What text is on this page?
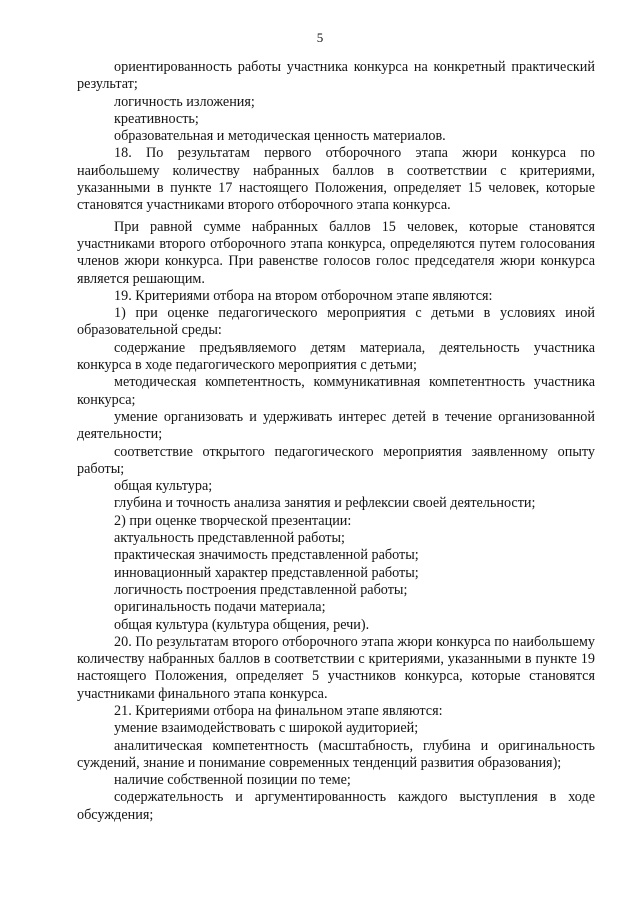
5

ориентированность работы участника конкурса на конкретный практический результат;

логичность изложения;

креативность;

образовательная и методическая ценность материалов.

18. По результатам первого отборочного этапа жюри конкурса по наибольшему количеству набранных баллов в соответствии с критериями, указанными в пункте 17 настоящего Положения, определяет 15 человек, которые становятся участниками второго отборочного этапа конкурса.

При равной сумме набранных баллов 15 человек, которые становятся участниками второго отборочного этапа конкурса, определяются путем голосования членов жюри конкурса. При равенстве голосов голос председателя жюри конкурса является решающим.

19. Критериями отбора на втором отборочном этапе являются:

1) при оценке педагогического мероприятия с детьми в условиях иной образовательной среды:

содержание предъявляемого детям материала, деятельность участника конкурса в ходе педагогического мероприятия с детьми;

методическая компетентность, коммуникативная компетентность участника конкурса;

умение организовать и удерживать интерес детей в течение организованной деятельности;

соответствие открытого педагогического мероприятия заявленному опыту работы;

общая культура;

глубина и точность анализа занятия и рефлексии своей деятельности;

2) при оценке творческой презентации:

актуальность представленной работы;

практическая значимость представленной работы;

инновационный характер представленной работы;

логичность построения представленной работы;

оригинальность подачи материала;

общая культура (культура общения, речи).

20. По результатам второго отборочного этапа жюри конкурса по наибольшему количеству набранных баллов в соответствии с критериями, указанными в пункте 19 настоящего Положения, определяет 5 участников конкурса, которые становятся участниками финального этапа конкурса.

21. Критериями отбора на финальном этапе являются:

умение взаимодействовать с широкой аудиторией;

аналитическая компетентность (масштабность, глубина и оригинальность суждений, знание и понимание современных тенденций развития образования);

наличие собственной позиции по теме;

содержательность и аргументированность каждого выступления в ходе обсуждения;
